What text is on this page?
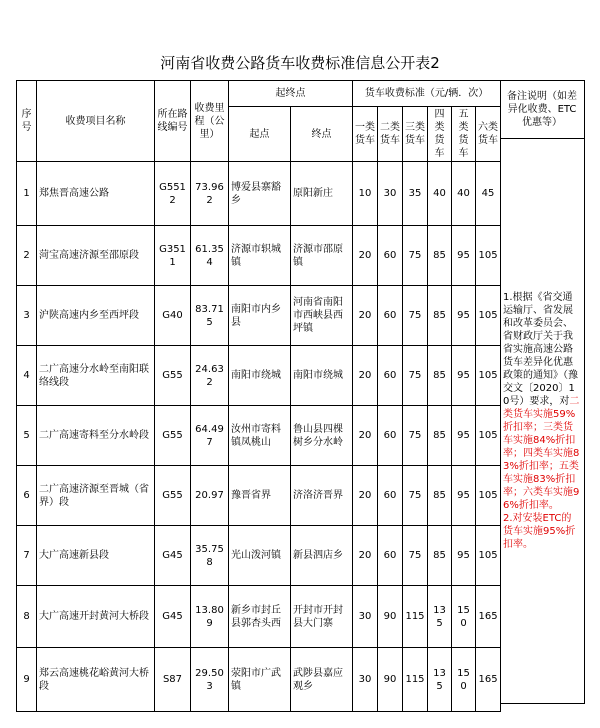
河南省收费公路货车收费标准信息公开表2
序号	收费项目名称	所在路线编号	收费里程（公里）	起终点		货车收费标准（元/辆．次）					
				起点	终点	一类货车	二类货车	三类货车	四类货车	五类货车	六类货车
1	郑焦晋高速公路	G5512	73.962	博爱县寨豁乡	原阳新庄	10	30	35	40	40	45
2	菏宝高速济源至邵原段	G3511	61.354	济源市轵城镇	济源市邵原镇	20	60	75	85	95	105
3	沪陕高速内乡至西坪段	G40	83.715	南阳市内乡县	河南省南阳市西峡县西坪镇	20	60	75	85	95	105
4	二广高速分水岭至南阳联络线段	G55	24.632	南阳市绕城	南阳市绕城	20	60	75	85	95	105
5	二广高速寄料至分水岭段	G55	64.497	汝州市寄料镇凤桃山	鲁山县四棵树乡分水岭	20	60	75	85	95	105
6	二广高速济源至晋城（省界）段	G55	20.97	豫晋省界	济洛济晋界	20	60	75	85	95	105
7	大广高速新县段	G45	35.758	光山泼河镇	新县泗店乡	20	60	75	85	95	105
8	大广高速开封黄河大桥段	G45	13.809	新乡市封丘县郭杏头西	开封市开封县大门寨	30	90	115	135	150	165
9	郑云高速桃花峪黄河大桥段	S87	29.503	荥阳市广武镇	武陟县嘉应观乡	30	90	115	135	150	165
备注说明（如差异化收费、ETC优惠等）
1.根据《省交通运输厅、省发展和改革委员会、省财政厅关于我省实施高速公路货车差异化优惠政策的通知》（豫交文〔2020〕10号）要求，对二类货车实施59%折扣率；三类货车实施84%折扣率；四类车实施83%折扣率；五类车实施83%折扣率；六类车实施96%折扣率。
2.对安装ETC的货车实施95%折扣率。
